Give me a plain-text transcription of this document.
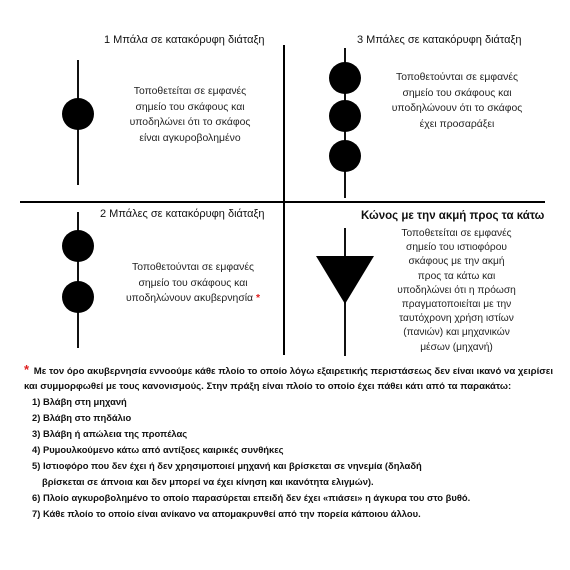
1 Μπάλα σε κατακόρυφη διάταξη
Τοποθετείται σε εμφανές
σημείο του σκάφους και
υποδηλώνει ότι το σκάφος
είναι αγκυροβολημένο
3 Μπάλες σε κατακόρυφη διάταξη
Τοποθετούνται σε εμφανές
σημείο του σκάφους και
υποδηλώνουν ότι το σκάφος
έχει προσαράξει
2 Μπάλες σε κατακόρυφη διάταξη
Τοποθετούνται σε εμφανές
σημείο του σκάφους και
υποδηλώνουν ακυβερνησία *
Κώνος με την ακμή προς τα κάτω
Τοποθετείται σε εμφανές
σημείο του ιστιοφόρου
σκάφους με την ακμή
προς τα κάτω και
υποδηλώνει ότι η πρόωση
πραγματοποιείται με την
ταυτόχρονη χρήση ιστίων
(πανιών) και μηχανικών
μέσων (μηχανή)
* Με τον όρο ακυβερνησία εννοούμε κάθε πλοίο το οποίο λόγω εξαιρετικής περιστάσεως δεν είναι ικανό να χειρίσει και συμμορφωθεί με τους κανονισμούς. Στην πράξη είναι πλοίο το οποίο έχει πάθει κάτι από τα παρακάτω:
1) Βλάβη στη μηχανή
2) Βλάβη στο πηδάλιο
3) Βλάβη ή απώλεια της προπέλας
4) Ρυμουλκούμενο κάτω από αντίξοες καιρικές συνθήκες
5) Ιστιοφόρο που δεν έχει ή δεν χρησιμοποιεί μηχανή και βρίσκεται σε νηνεμία (δηλαδή
βρίσκεται σε άπνοια και δεν μπορεί να έχει κίνηση και ικανότητα ελιγμών).
6) Πλοίο αγκυροβολημένο το οποίο παρασύρεται επειδή δεν έχει «πιάσει» η άγκυρα του στο βυθό.
7) Κάθε πλοίο το οποίο είναι ανίκανο να απομακρυνθεί από την πορεία κάποιου άλλου.
